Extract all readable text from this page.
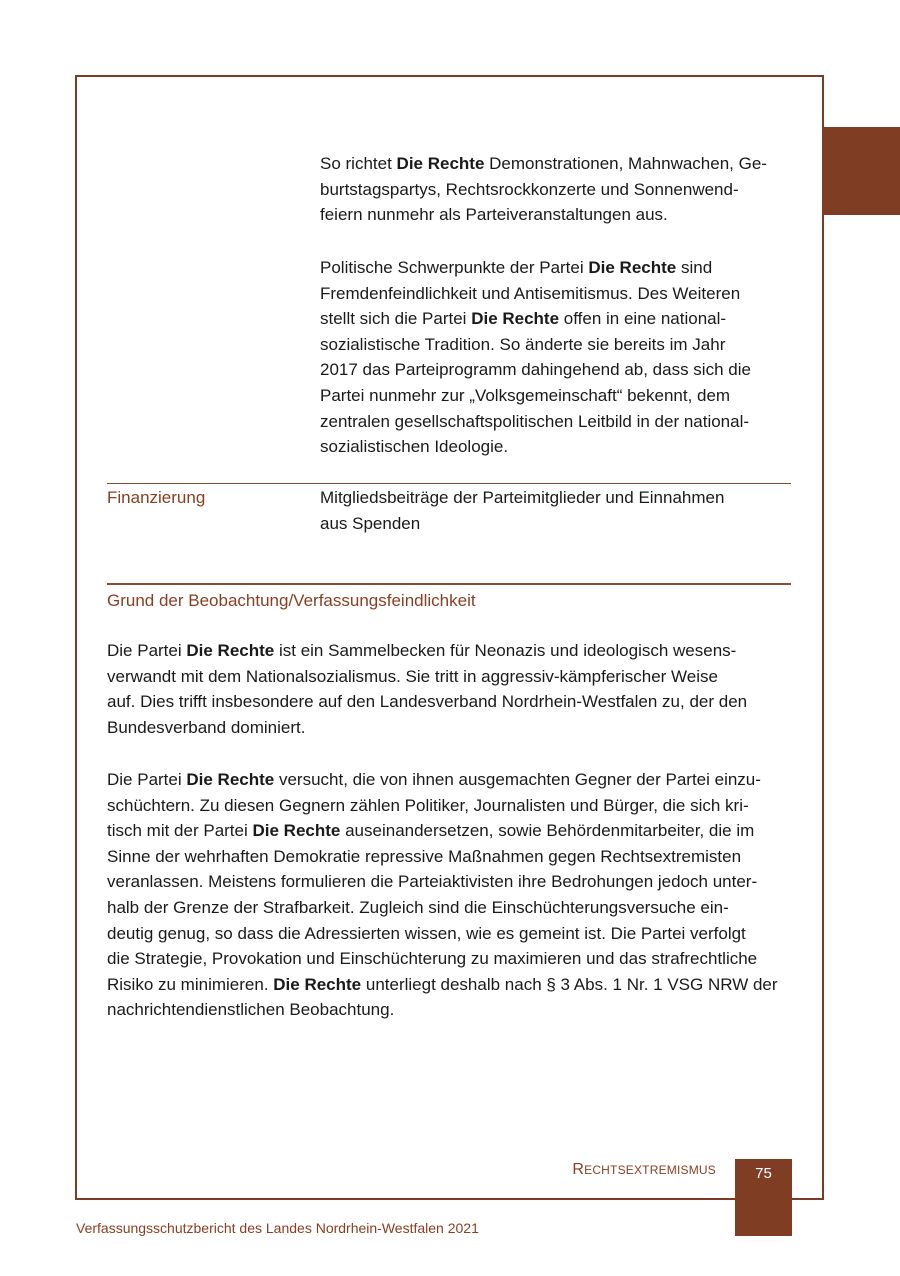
So richtet Die Rechte Demonstrationen, Mahnwachen, Ge-
burtstagspartys, Rechtsrockkonzerte und Sonnenwend-
feiern nunmehr als Parteiveranstaltungen aus.
Politische Schwerpunkte der Partei Die Rechte sind
Fremdenfeindlichkeit und Antisemitismus. Des Weiteren
stellt sich die Partei Die Rechte offen in eine national-
sozialistische Tradition. So änderte sie bereits im Jahr
2017 das Parteiprogramm dahingehend ab, dass sich die
Partei nunmehr zur „Volksgemeinschaft“ bekennt, dem
zentralen gesellschaftspolitischen Leitbild in der national-
sozialistischen Ideologie.
Finanzierung	Mitgliedsbeiträge der Parteimitglieder und Einnahmen
aus Spenden
Grund der Beobachtung/Verfassungsfeindlichkeit
Die Partei Die Rechte ist ein Sammelbecken für Neonazis und ideologisch wesens-
verwandt mit dem Nationalsozialismus. Sie tritt in aggressiv-kämpferischer Weise
auf. Dies trifft insbesondere auf den Landesverband Nordrhein-Westfalen zu, der den
Bundesverband dominiert.
Die Partei Die Rechte versucht, die von ihnen ausgemachten Gegner der Partei einzu-
schüchtern. Zu diesen Gegnern zählen Politiker, Journalisten und Bürger, die sich kri-
tisch mit der Partei Die Rechte auseinandersetzen, sowie Behördenmitarbeiter, die im
Sinne der wehrhaften Demokratie repressive Maßnahmen gegen Rechtsextremisten
veranlassen. Meistens formulieren die Parteiaktivisten ihre Bedrohungen jedoch unter-
halb der Grenze der Strafbarkeit. Zugleich sind die Einschüchterungsversuche ein-
deutig genug, so dass die Adressierten wissen, wie es gemeint ist. Die Partei verfolgt
die Strategie, Provokation und Einschüchterung zu maximieren und das strafrechtliche
Risiko zu minimieren. Die Rechte unterliegt deshalb nach § 3 Abs. 1 Nr. 1 VSG NRW der
nachrichtendienstlichen Beobachtung.
RECHTSEXTREMISMUS	75
Verfassungsschutzbericht des Landes Nordrhein-Westfalen 2021
